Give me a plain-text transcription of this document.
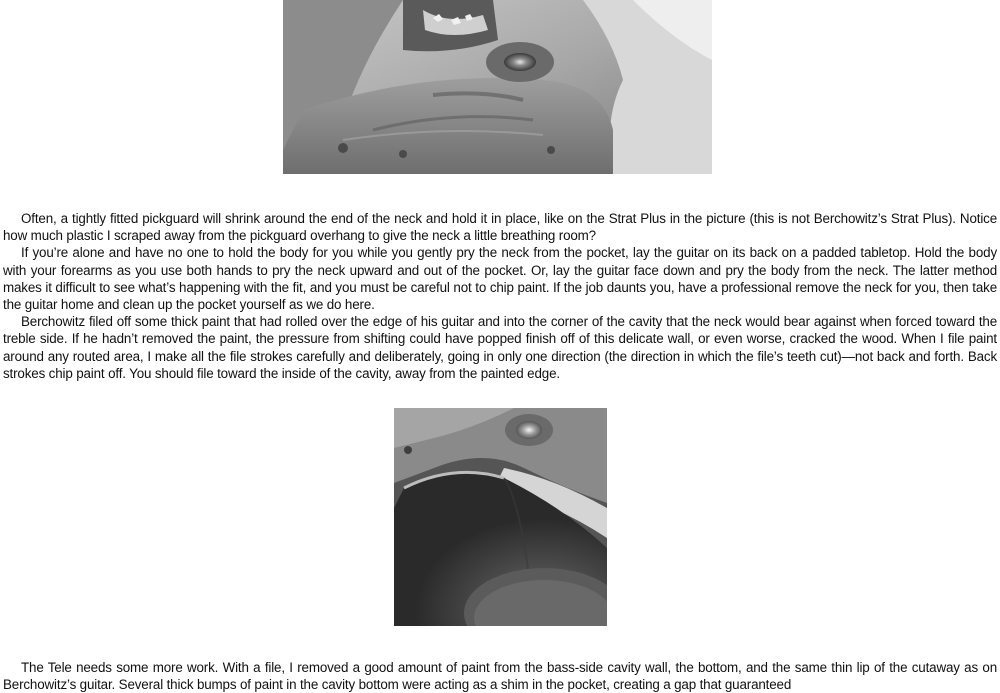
Often, a tightly fitted pickguard will shrink around the end of the neck and hold it in place, like on the Strat Plus in the picture (this is not Berchowitz’s Strat Plus). Notice how much plastic I scraped away from the pickguard overhang to give the neck a little breathing room?

If you’re alone and have no one to hold the body for you while you gently pry the neck from the pocket, lay the guitar on its back on a padded tabletop. Hold the body with your forearms as you use both hands to pry the neck upward and out of the pocket. Or, lay the guitar face down and pry the body from the neck. The latter method makes it difficult to see what’s happening with the fit, and you must be careful not to chip paint. If the job daunts you, have a professional remove the neck for you, then take the guitar home and clean up the pocket yourself as we do here.

Berchowitz filed off some thick paint that had rolled over the edge of his guitar and into the corner of the cavity that the neck would bear against when forced toward the treble side. If he hadn’t removed the paint, the pressure from shifting could have popped finish off of this delicate wall, or even worse, cracked the wood. When I file paint around any routed area, I make all the file strokes carefully and deliberately, going in only one direction (the direction in which the file’s teeth cut)—not back and forth. Back strokes chip paint off. You should file toward the inside of the cavity, away from the painted edge.

The Tele needs some more work. With a file, I removed a good amount of paint from the bass-side cavity wall, the bottom, and the same thin lip of the cutaway as on Berchowitz’s guitar. Several thick bumps of paint in the cavity bottom were acting as a shim in the pocket, creating a gap that guaranteed
